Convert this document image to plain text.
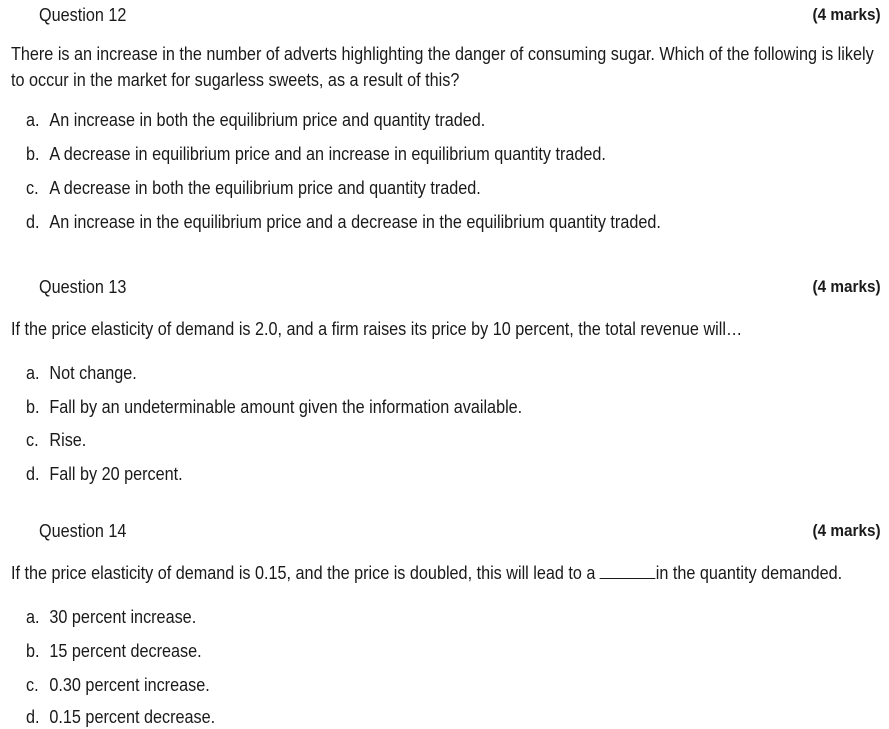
Question 12	(4 marks)
There is an increase in the number of adverts highlighting the danger of consuming sugar. Which of the following is likely to occur in the market for sugarless sweets, as a result of this?
a. An increase in both the equilibrium price and quantity traded.
b. A decrease in equilibrium price and an increase in equilibrium quantity traded.
c. A decrease in both the equilibrium price and quantity traded.
d. An increase in the equilibrium price and a decrease in the equilibrium quantity traded.
Question 13	(4 marks)
If the price elasticity of demand is 2.0, and a firm raises its price by 10 percent, the total revenue will…
a. Not change.
b. Fall by an undeterminable amount given the information available.
c. Rise.
d. Fall by 20 percent.
Question 14	(4 marks)
If the price elasticity of demand is 0.15, and the price is doubled, this will lead to a	in the quantity demanded.
a. 30 percent increase.
b. 15 percent decrease.
c. 0.30 percent increase.
d. 0.15 percent decrease.
